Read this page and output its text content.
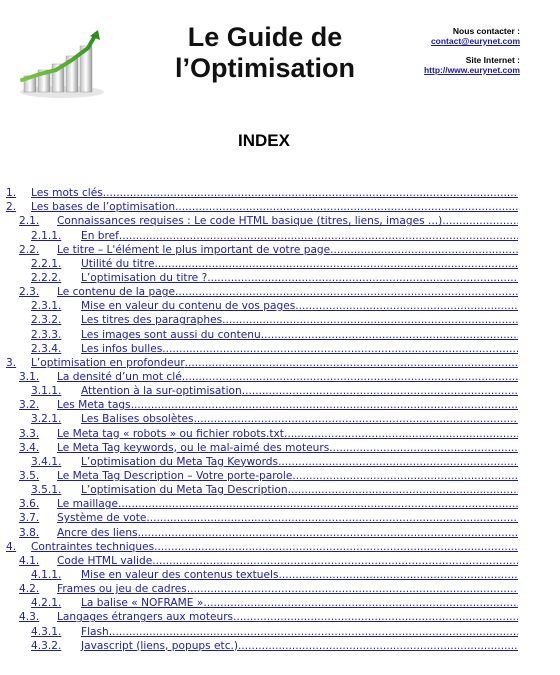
Le Guide de
l’Optimisation
Nous contacter :
contact@eurynet.com
Site Internet :
http://www.eurynet.com
INDEX
1.	Les mots clés
.....
2.	Les bases de l’optimisation
.....
2.1.	Connaissances requises : Le code HTML basique (titres, liens, images ...)
.....
2.1.1.	En bref
.....
2.2.	Le titre – L'élément le plus important de votre page
.....
2.2.1.	Utilité du titre
.....
2.2.2.	L’optimisation du titre ?
.....
2.3.	Le contenu de la page
.....
2.3.1.	Mise en valeur du contenu de vos pages
.....
2.3.2.	Les titres des paragraphes
.....
2.3.3.	Les images sont aussi du contenu
.....
2.3.4.	Les infos bulles
.....
3.	L’optimisation en profondeur
.....
3.1.	La densité d’un mot clé
.....
3.1.1.	Attention à la sur-optimisation
.....
3.2.	Les Meta tags
.....
3.2.1.	Les Balises obsolètes
.....
3.3.	Le Meta tag « robots » ou fichier robots.txt
.....
3.4.	Le Meta Tag keywords, ou le mal-aimé des moteurs
.....
3.4.1.	L’optimisation du Meta Tag Keywords
.....
3.5.	Le Meta Tag Description – Votre porte-parole
.....
3.5.1.	L’optimisation du Meta Tag Description
.....
3.6.	Le maillage
.....
3.7.	Système de vote
.....
3.8.	Ancre des liens
.....
4.	Contraintes techniques
.....
4.1.	Code HTML valide
.....
4.1.1.	Mise en valeur des contenus textuels
.....
4.2.	Frames ou jeu de cadres
.....
4.2.1.	La balise « NOFRAME »
.....
4.3.	Langages étrangers aux moteurs
.....
4.3.1.	Flash
.....
4.3.2.	Javascript (liens, popups etc.)
.....
